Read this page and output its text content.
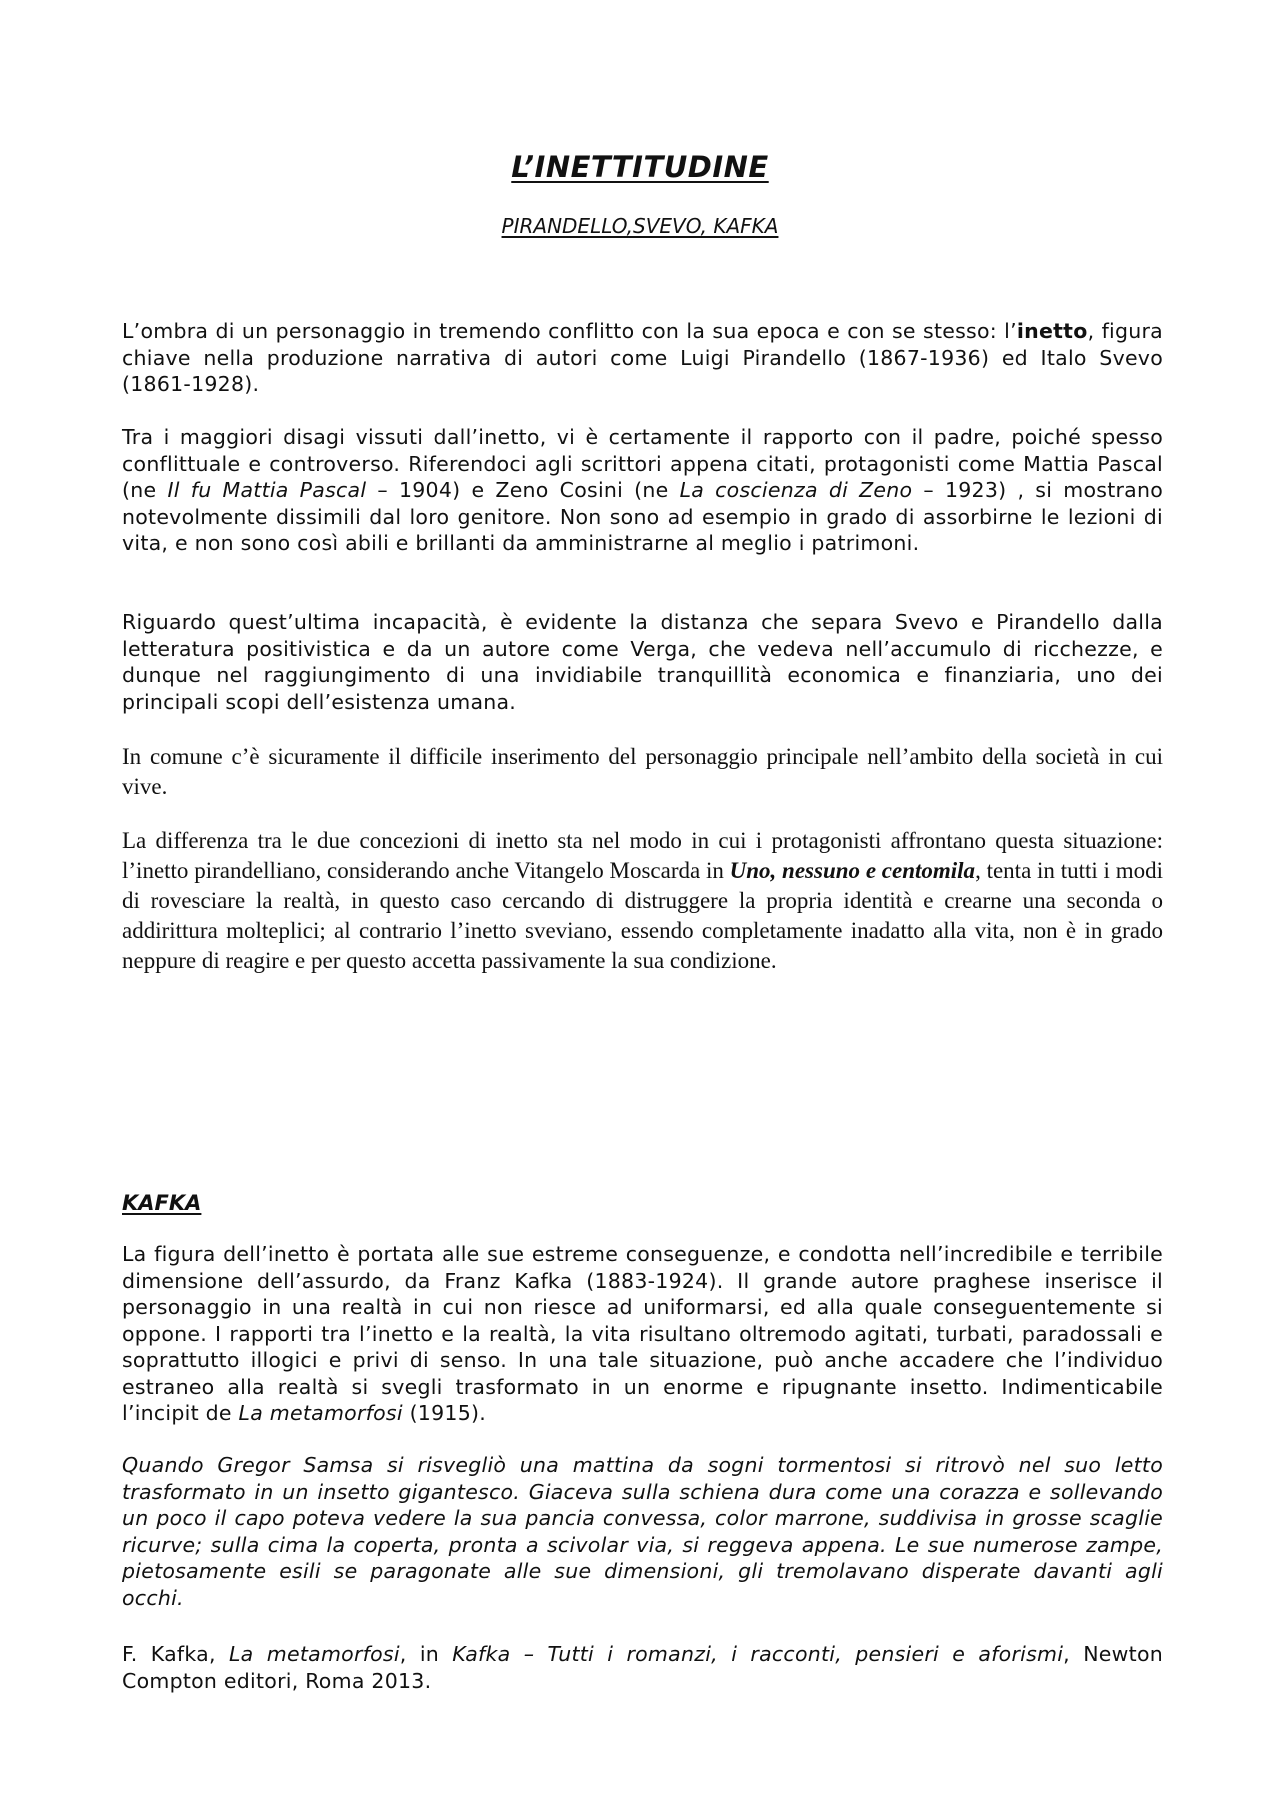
L’INETTITUDINE
PIRANDELLO,SVEVO, KAFKA

L’ombra di un personaggio in tremendo conflitto con la sua epoca e con se stesso: l’inetto, figura chiave nella produzione narrativa di autori come Luigi Pirandello (1867-1936) ed Italo Svevo (1861-1928).

Tra i maggiori disagi vissuti dall’inetto, vi è certamente il rapporto con il padre, poiché spesso conflittuale e controverso. Riferendoci agli scrittori appena citati, protagonisti come Mattia Pascal (ne Il fu Mattia Pascal – 1904) e Zeno Cosini (ne La coscienza di Zeno – 1923) , si mostrano notevolmente dissimili dal loro genitore. Non sono ad esempio in grado di assorbirne le lezioni di vita, e non sono così abili e brillanti da amministrarne al meglio i patrimoni.

Riguardo quest’ultima incapacità, è evidente la distanza che separa Svevo e Pirandello dalla letteratura positivistica e da un autore come Verga, che vedeva nell’accumulo di ricchezze, e dunque nel raggiungimento di una invidiabile tranquillità economica e finanziaria, uno dei principali scopi dell’esistenza umana.

In comune c’è sicuramente il difficile inserimento del personaggio principale nell’ambito della società in cui vive.

La differenza tra le due concezioni di inetto sta nel modo in cui i protagonisti affrontano questa situazione: l’inetto pirandelliano, considerando anche Vitangelo Moscarda in Uno, nessuno e centomila, tenta in tutti i modi di rovesciare la realtà, in questo caso cercando di distruggere la propria identità e crearne una seconda o addirittura molteplici; al contrario l’inetto sveviano, essendo completamente inadatto alla vita, non è in grado neppure di reagire e per questo accetta passivamente la sua condizione.

KAFKA

La figura dell’inetto è portata alle sue estreme conseguenze, e condotta nell’incredibile e terribile dimensione dell’assurdo, da Franz Kafka (1883-1924). Il grande autore praghese inserisce il personaggio in una realtà in cui non riesce ad uniformarsi, ed alla quale conseguentemente si oppone. I rapporti tra l’inetto e la realtà, la vita risultano oltremodo agitati, turbati, paradossali e soprattutto illogici e privi di senso. In una tale situazione, può anche accadere che l’individuo estraneo alla realtà si svegli trasformato in un enorme e ripugnante insetto. Indimenticabile l’incipit de La metamorfosi (1915).

Quando Gregor Samsa si risvegliò una mattina da sogni tormentosi si ritrovò nel suo letto trasformato in un insetto gigantesco. Giaceva sulla schiena dura come una corazza e sollevando un poco il capo poteva vedere la sua pancia convessa, color marrone, suddivisa in grosse scaglie ricurve; sulla cima la coperta, pronta a scivolar via, si reggeva appena. Le sue numerose zampe, pietosamente esili se paragonate alle sue dimensioni, gli tremolavano disperate davanti agli occhi.

F. Kafka, La metamorfosi, in Kafka – Tutti i romanzi, i racconti, pensieri e aforismi, Newton Compton editori, Roma 2013.
